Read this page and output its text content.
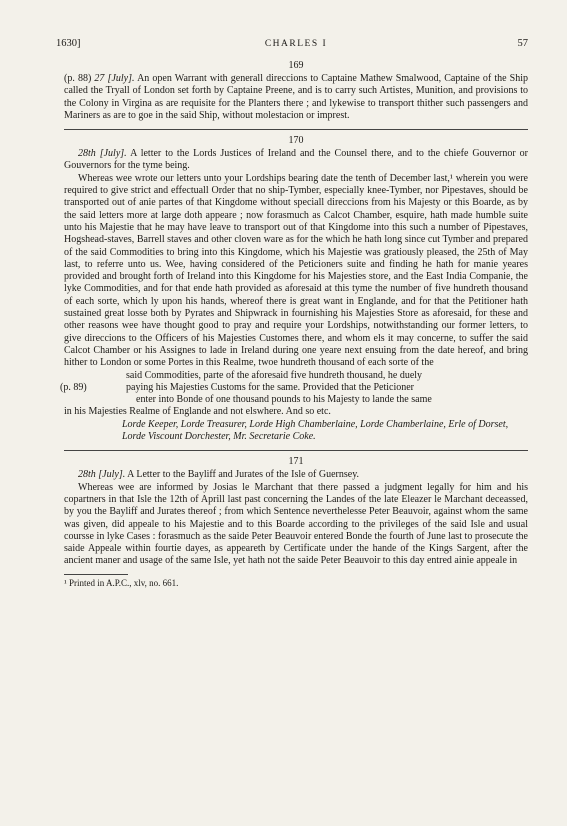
1630]	CHARLES I	57
169

(p. 88) 27 [July]. An open Warrant with generall direccions to Captaine Mathew Smalwood, Captaine of the Ship called the Tryall of London set forth by Captaine Preene, and is to carry such Artistes, Munition, and provisions to the Colony in Virgina as are requisite for the Planters there ; and lykewise to transport thither such passengers and Mariners as are to goe in the said Ship, without molestacion or imprest.

170

28th [July]. A letter to the Lords Justices of Ireland and the Counsel there, and to the chiefe Gouvernor or Gouvernors for the tyme being.

Whereas wee wrote our letters unto your Lordships bearing date the tenth of December last,¹ wherein you were required to give strict and effectuall Order that no ship-Tymber, especially knee-Tymber, nor Pipestaves, should be transported out of anie partes of that Kingdome without speciall direccions from his Majesty or this Boarde, as by the said letters more at large doth appeare ; now forasmuch as Calcot Chamber, esquire, hath made humble suite unto his Majestie that he may have leave to transport out of that Kingdome into this such a number of Pipestaves, Hogshead-staves, Barrell staves and other cloven ware as for the which he hath long since cut Tymber and prepared of the said Commodities to bring into this Kingdome, which his Majestie was gratiously pleased, the 25th of May last, to referre unto us. Wee, having considered of the Peticioners suite and finding he hath for manie yeares provided and brought forth of Ireland into this Kingdome for his Majesties store, and the East India Companie, the lyke Commodities, and for that ende hath provided as aforesaid at this tyme the number of five hundreth thousand of each sorte, which ly upon his hands, whereof there is great want in Englande, and for that the Petitioner hath sustained great losse both by Pyrates and Shipwrack in fournishing his Majesties Store as aforesaid, for these and other reasons wee have thought good to pray and require your Lordships, notwithstanding our former letters, to give direccions to the Officers of his Majesties Customes there, and whom els it may concerne, to suffer the said Calcot Chamber or his Assignes to lade in Ireland during one yeare next ensuing from the date hereof, and bring hither to London or some Portes in this Realme, twoe hundreth thousand of each sorte of the

(p. 89)

said Commodities, parte of the aforesaid five hundreth thousand, he duely

paying his Majesties Customs for the same. Provided that the Peticioner

enter into Bonde of one thousand pounds to his Majesty to lande the same

in his Majesties Realme of Englande and not elswhere. And so etc.

Lorde Keeper, Lorde Treasurer, Lorde High Chamberlaine, Lorde Chamberlaine, Erle of Dorset, Lorde Viscount Dorchester, Mr. Secretarie Coke.
171

28th [July]. A Letter to the Bayliff and Jurates of the Isle of Guernsey.

Whereas wee are informed by Josias le Marchant that there passed a judgment legally for him and his copartners in that Isle the 12th of Aprill last past concerning the Landes of the late Eleazer le Marchant deceassed, by you the Bayliff and Jurates thereof ; from which Sentence neverthelesse Peter Beauvoir, against whom the same was given, did appeale to his Majestie and to this Boarde according to the privileges of the said Isle and usual coursse in lyke Cases : forasmuch as the saide Peter Beauvoir entered Bonde the fourth of June last to prosecute the saide Appeale within fourtie dayes, as appeareth by Certificate under the hande of the Kings Sargent, after the ancient maner and usage of the same Isle, yet hath not the saide Peter Beauvoir to this day entred ainie appeale in

¹ Printed in A.P.C., xlv, no. 661.
